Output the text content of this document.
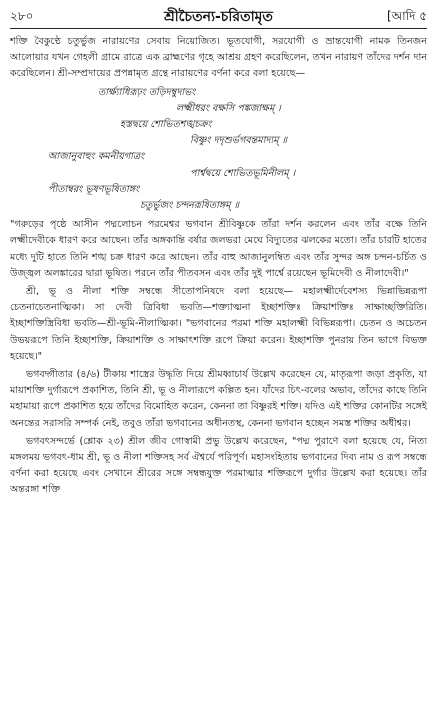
২৮০	শ্রীচৈতন্য-চরিতামৃত	[আদি ৫

শক্তি বৈকুণ্ঠে চতুর্ভুজ নারায়ণের সেবায় নিয়োজিত। ভূতযোগী, সরযোগী ও ভ্রান্তযোগী নামক তিনজন আলোয়ার যখন গেহলী গ্রামে রাত্রে এক ব্রাহ্মণের গৃহে আশ্রয় গ্রহণ করেছিলেন, তখন নারায়ণ তাঁদের দর্শন দান করেছিলেন। শ্রী-সম্প্রদায়ের প্রপন্নামৃত গ্রন্থে নারায়ণের বর্ণনা করে বলা হয়েছে—

তার্ক্ষ্যাধিরূঢ়ং তড়িদম্বুদাভং
লক্ষ্মীধরং বক্ষসি পঙ্কজাক্ষম্‌ ।
হস্তদ্বয়ে শোভিতশঙ্খচক্রং
বিষ্ণুং দদৃশুর্ভগবন্তমাদ্যম্‌ ॥
আজানুবাহুং কমনীয়গাত্রং
পার্শ্বদ্বয়ে শোভিতভূমিনীলম্‌ ।
পীতাম্বরং ভূষণভূষিতাঙ্গং
চতুর্ভুজং চন্দনরূষিতাঙ্গম্‌ ॥

"গরুড়ের পৃষ্ঠে আসীন পদ্মলোচন পরমেশ্বর ভগবান শ্রীবিষ্ণুকে তাঁরা দর্শন করলেন এবং তাঁর বক্ষে তিনি লক্ষ্মীদেবীকে ধারণ করে আছেন। তাঁর অঙ্গকান্তি বর্ষার জলভরা মেঘে বিদ্যুতের ঝলকের মতো। তাঁর চারটি হাতের মধ্যে দুটি হাতে তিনি শঙ্খ চক্র ধারণ করে আছেন। তাঁর বাহু আজানুলম্বিত এবং তাঁর সুন্দর অঙ্গ চন্দন-চর্চিত ও উজ্জ্বল অলঙ্কারের দ্বারা ভূষিত। পরনে তাঁর পীতবসন এবং তাঁর দুই পার্শ্বে রয়েছেন ভূমিদেবী ও নীলাদেবী।"

শ্রী, ভূ ও নীলা শক্তি সম্বন্ধে সীতোপনিষদে বলা হয়েছে— মহালক্ষ্মীর্দেবেশস্য ভিন্নাভিন্নরূপা চেতনাচেতনাত্মিকা। সা দেবী ত্রিবিধা ভবতি—শক্ত্যাত্মনা ইচ্ছাশক্তিঃ ক্রিয়াশক্তিঃ সাক্ষাচ্ছক্তিরিতি। ইচ্ছাশক্তিস্ত্রিবিধা ভবতি—শ্রী-ভূমি-নীলাত্মিকা। "ভগবানের পরমা শক্তি মহালক্ষ্মী বিভিন্নরূপা। চেতন ও অচেতন উভয়রূপে তিনি ইচ্ছাশক্তি, ক্রিয়াশক্তি ও সাক্ষাৎশক্তি রূপে ক্রিয়া করেন। ইচ্ছাশক্তি পুনরায় তিন ভাগে বিভক্ত হয়েছে।"

ভগবদ্গীতার (৪/৬) টীকায় শাস্ত্রের উদ্ধৃতি দিয়ে শ্রীমধ্বাচার্য উল্লেখ করেছেন যে, মাতৃরূপা জড়া প্রকৃতি, যা মায়াশক্তি দুর্গারূপে প্রকাশিত, তিনি শ্রী, ভূ ও নীলারূপে কল্পিত হন। যাঁদের চিৎ-বলের অভাব, তাঁদের কাছে তিনি মহামায়া রূপে প্রকাশিত হয়ে তাঁদের বিমোহিত করেন, কেননা তা বিষ্ণুরই শক্তি। যদিও এই শক্তির কোনটির সঙ্গেই অনন্তের সরাসরি সম্পর্ক নেই, তবুও তাঁরা ভগবানের অধীনতস্থ, কেননা ভগবান হচ্ছেন সমস্ত শক্তির অধীশ্বর।

ভগবৎসন্দর্ভে (শ্লোক ২৩) শ্রীল জীব গোস্বামী প্রভু উল্লেখ করেছেন, "পদ্ম পুরাণে বলা হয়েছে যে, নিত্য মঙ্গলময় ভগবৎ-ধাম শ্রী, ভূ ও নীলা শক্তিসহ সর্ব ঐশ্বর্যে পরিপূর্ণ। মহাসংহিতায় ভগবানের দিব্য নাম ও রূপ সম্বন্ধে বর্ণনা করা হয়েছে এবং সেখানে শ্রীরের সঙ্গে সম্বন্ধযুক্ত পরমাত্মার শক্তিরূপে দুর্গার উল্লেখ করা হয়েছে। তাঁর অন্তরঙ্গা শক্তি
